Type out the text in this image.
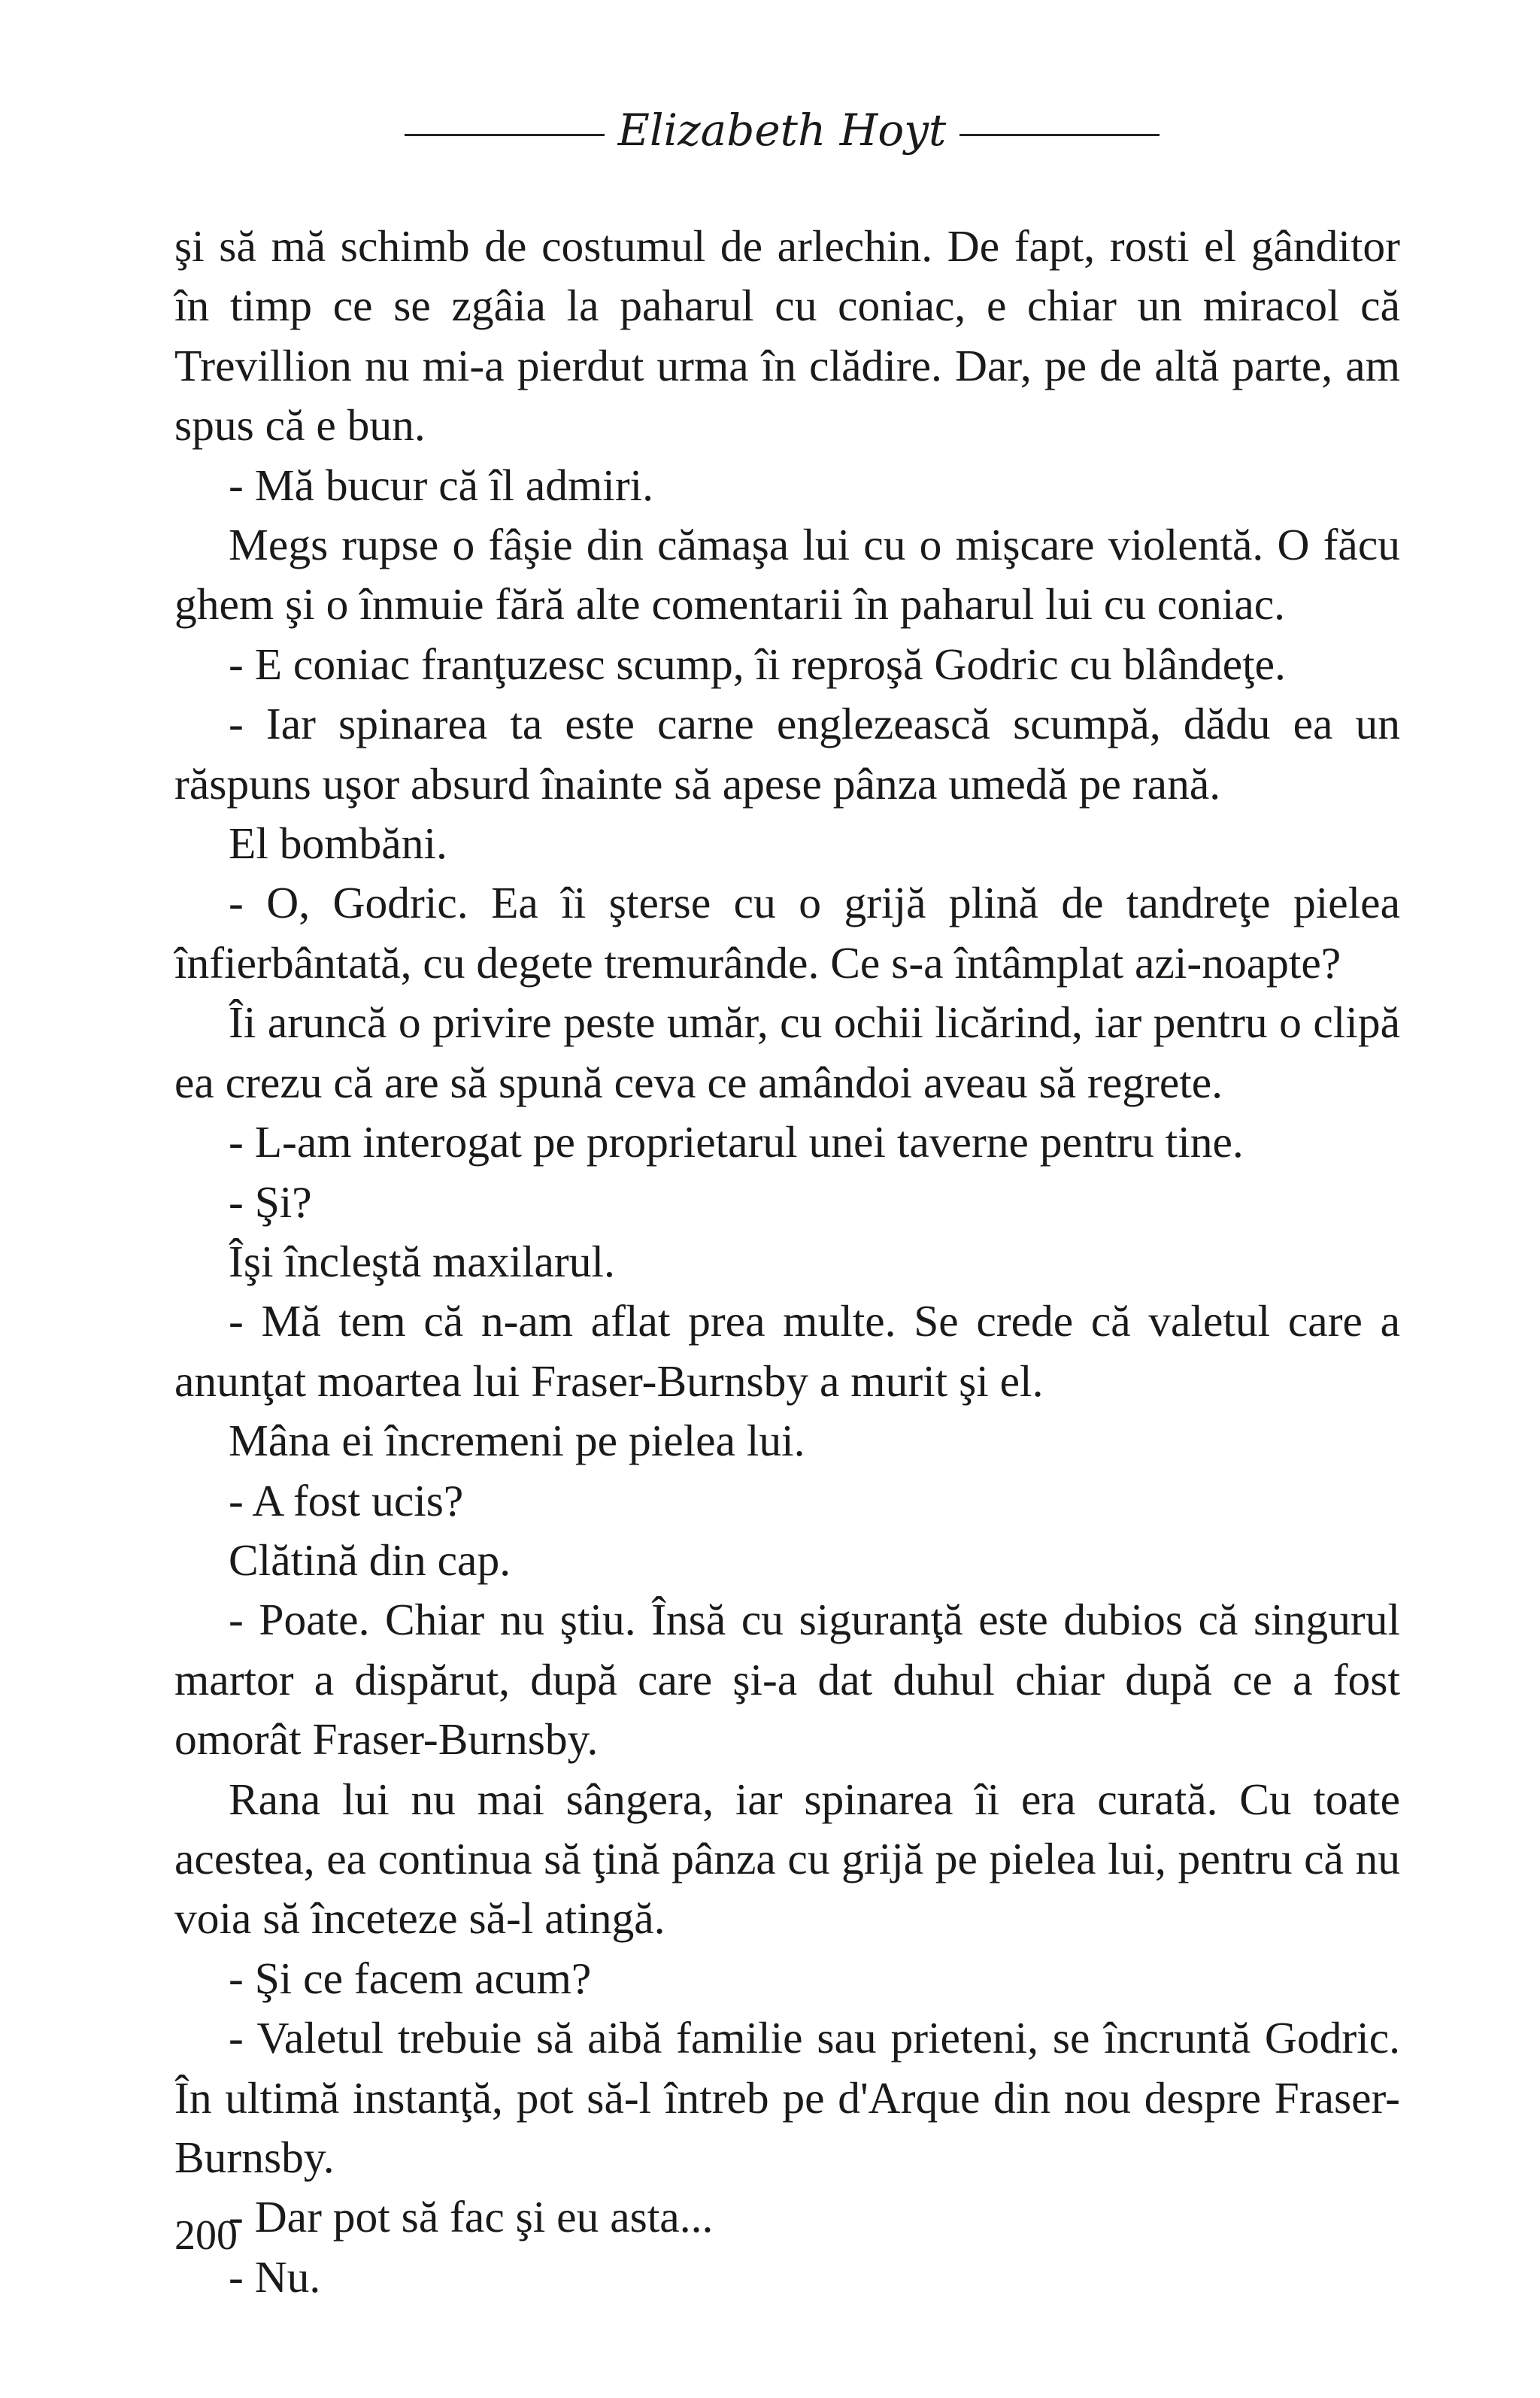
Elizabeth Hoyt

şi să mă schimb de costumul de arlechin. De fapt, rosti el gânditor în timp ce se zgâia la paharul cu coniac, e chiar un miracol că Trevillion nu mi-a pierdut urma în clădire. Dar, pe de altă parte, am spus că e bun.

- Mă bucur că îl admiri.

Megs rupse o fâşie din cămaşa lui cu o mişcare violentă. O făcu ghem şi o înmuie fără alte comentarii în paharul lui cu coniac.

- E coniac franţuzesc scump, îi reproşă Godric cu blândeţe.

- Iar spinarea ta este carne englezească scumpă, dădu ea un răspuns uşor absurd înainte să apese pânza umedă pe rană.

El bombăni.

- O, Godric. Ea îi şterse cu o grijă plină de tandreţe pielea înfierbântată, cu degete tremurânde. Ce s-a întâmplat azi-noapte?

Îi aruncă o privire peste umăr, cu ochii licărind, iar pentru o clipă ea crezu că are să spună ceva ce amândoi aveau să regrete.

- L-am interogat pe proprietarul unei taverne pentru tine.

- Şi?

Îşi încleştă maxilarul.

- Mă tem că n-am aflat prea multe. Se crede că valetul care a anunţat moartea lui Fraser-Burnsby a murit şi el.

Mâna ei încremeni pe pielea lui.

- A fost ucis?

Clătină din cap.

- Poate. Chiar nu ştiu. Însă cu siguranţă este dubios că singurul martor a dispărut, după care şi-a dat duhul chiar după ce a fost omorât Fraser-Burnsby.

Rana lui nu mai sângera, iar spinarea îi era curată. Cu toate acestea, ea continua să ţină pânza cu grijă pe pielea lui, pentru că nu voia să înceteze să-l atingă.

- Şi ce facem acum?

- Valetul trebuie să aibă familie sau prieteni, se încruntă Godric. În ultimă instanţă, pot să-l întreb pe d'Arque din nou despre Fraser-Burnsby.

- Dar pot să fac şi eu asta...

- Nu.

200
